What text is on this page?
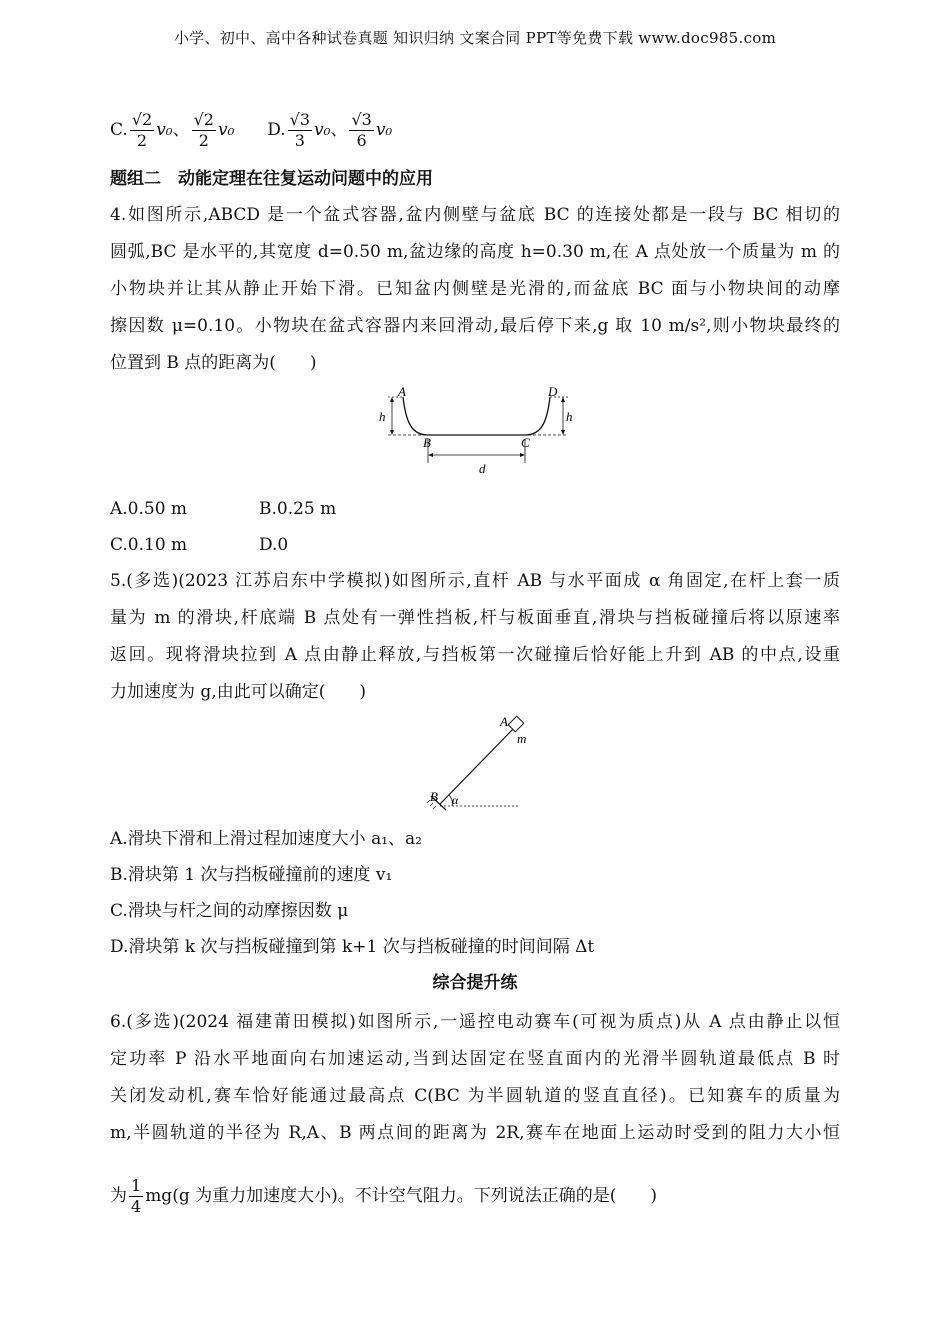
小学、初中、高中各种试卷真题 知识归纳 文案合同 PPT等免费下载 www.doc985.com
C. $\frac{√2}{2} v_0$、 $\frac{√2}{2} v_0$ D. $\frac{√3}{3} v_0$、 $\frac{√3}{6} v_0$
题组二　动能定理在往复运动问题中的应用
4.如图所示,ABCD 是一个盆式容器,盆内侧壁与盆底 BC 的连接处都是一段与 BC 相切的
圆弧,BC 是水平的,其宽度 d=0.50 m,盆边缘的高度 h=0.30 m,在 A 点处放一个质量为 m 的
小物块并让其从静止开始下滑。已知盆内侧壁是光滑的,而盆底 BC 面与小物块间的动摩
擦因数 μ=0.10。小物块在盆式容器内来回滑动,最后停下来,g 取 10 m/s²,则小物块最终的
位置到 B 点的距离为(　　)
A	D
B	C
h	h
d
A.0.50 m	B.0.25 m
C.0.10 m	D.0
5.(多选)(2023 江苏启东中学模拟)如图所示,直杆 AB 与水平面成 α 角固定,在杆上套一质
量为 m 的滑块,杆底端 B 点处有一弹性挡板,杆与板面垂直,滑块与挡板碰撞后将以原速率
返回。现将滑块拉到 A 点由静止释放,与挡板第一次碰撞后恰好能上升到 AB 的中点,设重
力加速度为 g,由此可以确定(　　)
A
m
B α
A.滑块下滑和上滑过程加速度大小 a₁、a₂
B.滑块第 1 次与挡板碰撞前的速度 v₁
C.滑块与杆之间的动摩擦因数 μ
D.滑块第 k 次与挡板碰撞到第 k+1 次与挡板碰撞的时间间隔 Δt
综合提升练
6.(多选)(2024 福建莆田模拟)如图所示,一遥控电动赛车(可视为质点)从 A 点由静止以恒
定功率 P 沿水平地面向右加速运动,当到达固定在竖直面内的光滑半圆轨道最低点 B 时
关闭发动机,赛车恰好能通过最高点 C(BC 为半圆轨道的竖直直径)。已知赛车的质量为
m,半圆轨道的半径为 R,A、B 两点间的距离为 2R,赛车在地面上运动时受到的阻力大小恒
为 $\frac{1}{4} mg(g$ 为重力加速度大小)。不计空气阻力。下列说法正确的是(　　)
